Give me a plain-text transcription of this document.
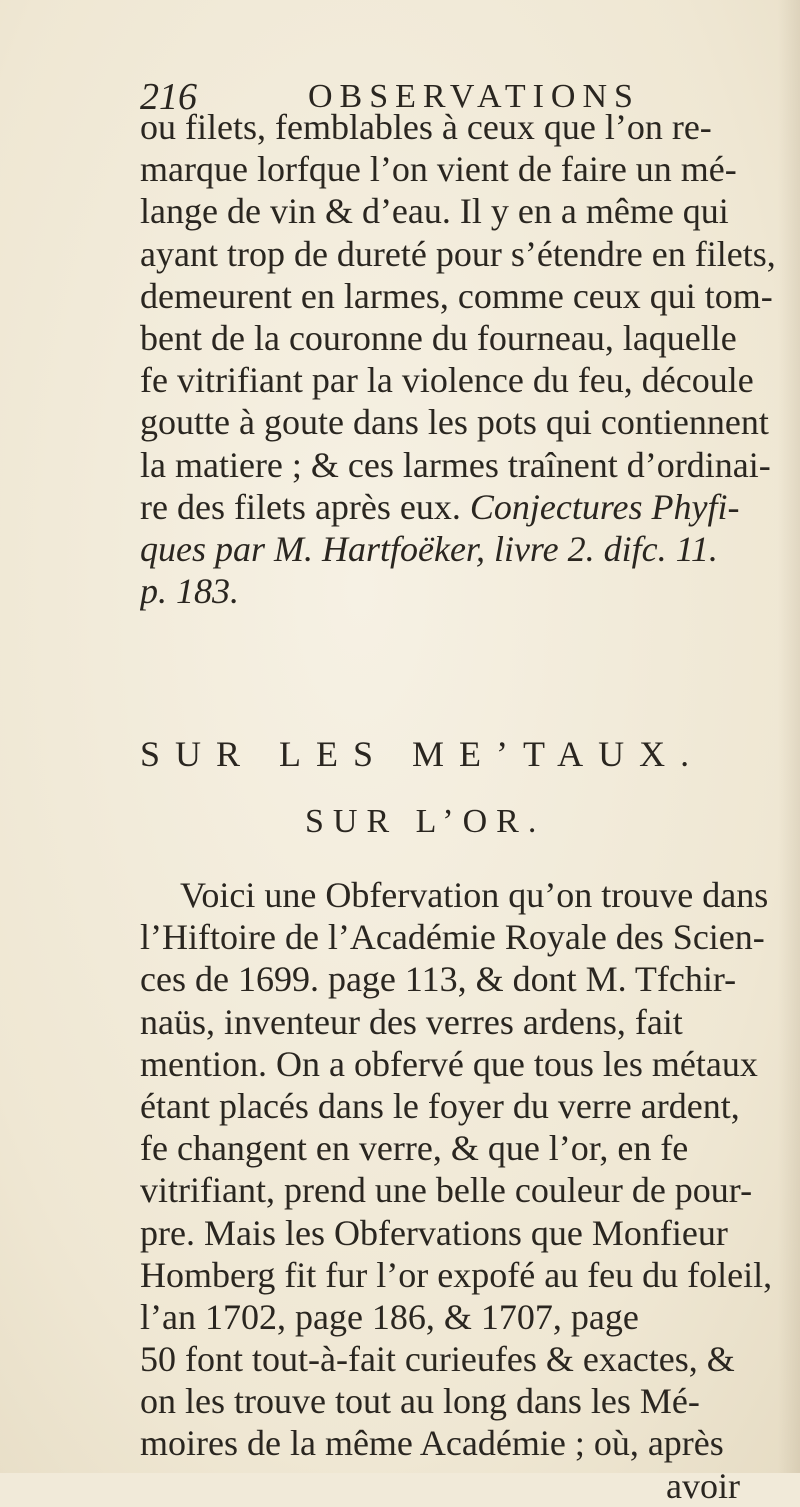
216	OBSERVATIONS
ou filets, femblables à ceux que l’on re-
marque lorfque l’on vient de faire un mé-
lange de vin & d’eau. Il y en a même qui
ayant trop de dureté pour s’étendre en filets,
demeurent en larmes, comme ceux qui tom-
bent de la couronne du fourneau, laquelle
fe vitrifiant par la violence du feu, découle
goutte à goute dans les pots qui contiennent
la matiere ; & ces larmes traînent d’ordinai-
re des filets après eux. Conjectures Phyfi-
ques par M. Hartfoëker, livre 2. difc. 11.
p. 183.
SUR LES ME’TAUX.
SUR L’OR.
Voici une Obfervation qu’on trouve dans
l’Hiftoire de l’Académie Royale des Scien-
ces de 1699. page 113, & dont M. Tfchir-
naüs, inventeur des verres ardens, fait
mention. On a obfervé que tous les métaux
étant placés dans le foyer du verre ardent,
fe changent en verre, & que l’or, en fe
vitrifiant, prend une belle couleur de pour-
pre. Mais les Obfervations que Monfieur
Homberg fit fur l’or expofé au feu du foleil,
l’an 1702, page 186, & 1707, page
50 font tout-à-fait curieufes & exactes, &
on les trouve tout au long dans les Mé-
moires de la même Académie ; où, après
avoir
